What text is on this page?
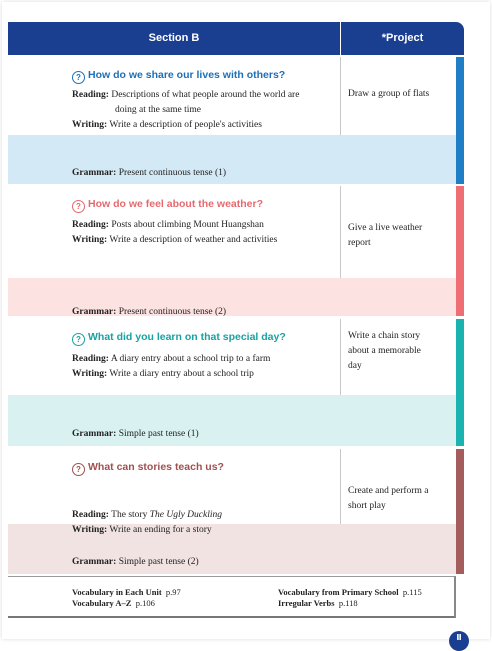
Section B	*Project
? How do we share our lives with others?
Reading: Descriptions of what people around the world are
doing at the same time
Writing: Write a description of people's activities
Draw a group of flats
Grammar: Present continuous tense (1)
? How do we feel about the weather?
Reading: Posts about climbing Mount Huangshan
Writing: Write a description of weather and activities
Give a live weather
report
Grammar: Present continuous tense (2)
? What did you learn on that special day?
Reading: A diary entry about a school trip to a farm
Writing: Write a diary entry about a school trip
Write a chain story
about a memorable
day
Grammar: Simple past tense (1)
? What can stories teach us?
Reading: The story The Ugly Duckling
Writing: Write an ending for a story
Create and perform a
short play
Grammar: Simple past tense (2)
Vocabulary in Each Unit p.97
Vocabulary A–Z p.106
Vocabulary from Primary School p.115
Irregular Verbs p.118
Ⅱ
